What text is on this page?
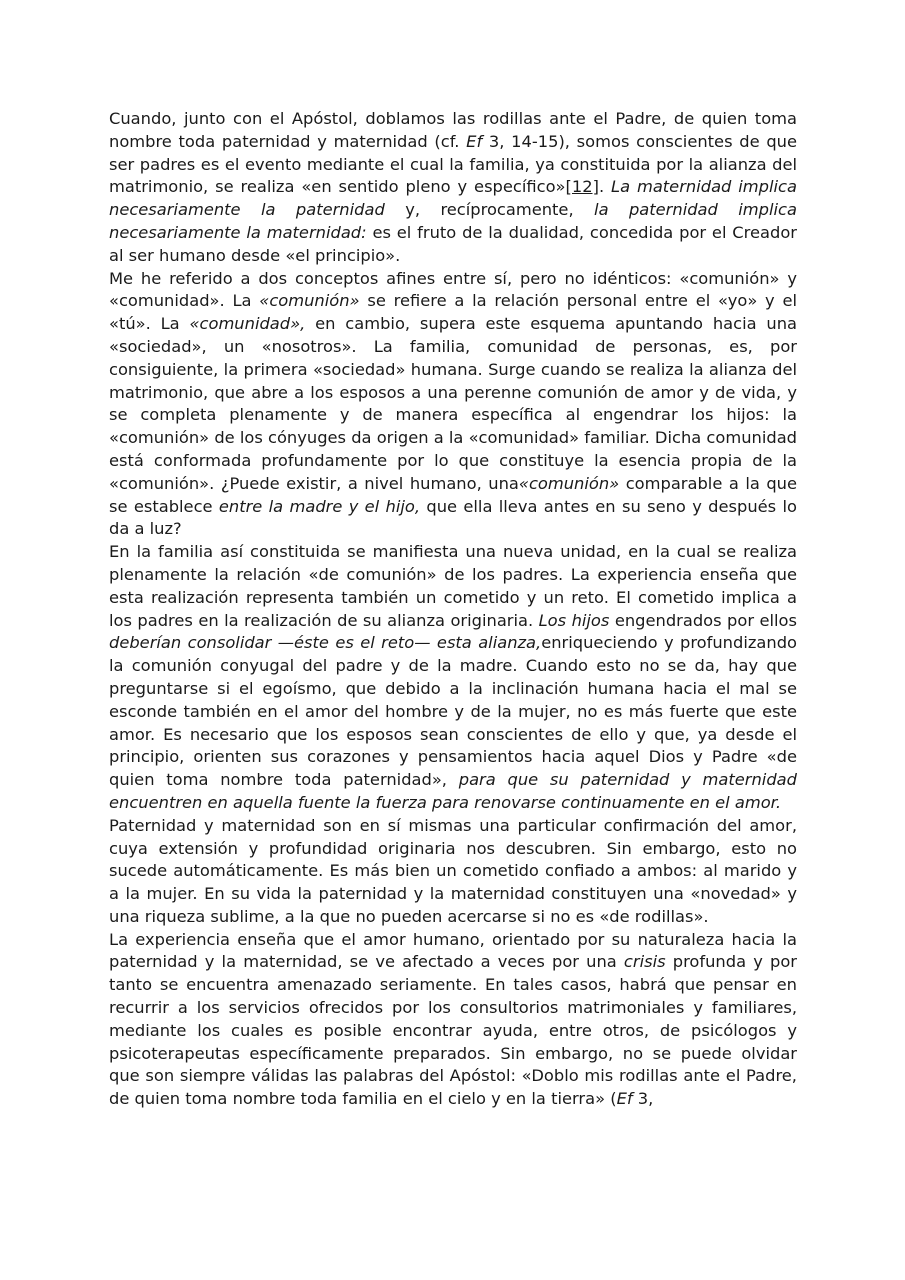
Cuando, junto con el Apóstol, doblamos las rodillas ante el Padre, de quien toma nombre toda paternidad y maternidad (cf. Ef 3, 14-15), somos conscientes de que ser padres es el evento mediante el cual la familia, ya constituida por la alianza del matrimonio, se realiza «en sentido pleno y específico»[12]. La maternidad implica necesariamente la paternidad y, recíprocamente, la paternidad implica necesariamente la maternidad: es el fruto de la dualidad, concedida por el Creador al ser humano desde «el principio».

Me he referido a dos conceptos afines entre sí, pero no idénticos: «comunión» y «comunidad». La «comunión» se refiere a la relación personal entre el «yo» y el «tú». La «comunidad», en cambio, supera este esquema apuntando hacia una «sociedad», un «nosotros». La familia, comunidad de personas, es, por consiguiente, la primera «sociedad» humana. Surge cuando se realiza la alianza del matrimonio, que abre a los esposos a una perenne comunión de amor y de vida, y se completa plenamente y de manera específica al engendrar los hijos: la «comunión» de los cónyuges da origen a la «comunidad» familiar. Dicha comunidad está conformada profundamente por lo que constituye la esencia propia de la «comunión». ¿Puede existir, a nivel humano, una«comunión» comparable a la que se establece entre la madre y el hijo, que ella lleva antes en su seno y después lo da a luz?

En la familia así constituida se manifiesta una nueva unidad, en la cual se realiza plenamente la relación «de comunión» de los padres. La experiencia enseña que esta realización representa también un cometido y un reto. El cometido implica a los padres en la realización de su alianza originaria. Los hijos engendrados por ellos deberían consolidar —éste es el reto— esta alianza,enriqueciendo y profundizando la comunión conyugal del padre y de la madre. Cuando esto no se da, hay que preguntarse si el egoísmo, que debido a la inclinación humana hacia el mal se esconde también en el amor del hombre y de la mujer, no es más fuerte que este amor. Es necesario que los esposos sean conscientes de ello y que, ya desde el principio, orienten sus corazones y pensamientos hacia aquel Dios y Padre «de quien toma nombre toda paternidad», para que su paternidad y maternidad encuentren en aquella fuente la fuerza para renovarse continuamente en el amor.

Paternidad y maternidad son en sí mismas una particular confirmación del amor, cuya extensión y profundidad originaria nos descubren. Sin embargo, esto no sucede automáticamente. Es más bien un cometido confiado a ambos: al marido y a la mujer. En su vida la paternidad y la maternidad constituyen una «novedad» y una riqueza sublime, a la que no pueden acercarse si no es «de rodillas».

La experiencia enseña que el amor humano, orientado por su naturaleza hacia la paternidad y la maternidad, se ve afectado a veces por una crisis profunda y por tanto se encuentra amenazado seriamente. En tales casos, habrá que pensar en recurrir a los servicios ofrecidos por los consultorios matrimoniales y familiares, mediante los cuales es posible encontrar ayuda, entre otros, de psicólogos y psicoterapeutas específicamente preparados. Sin embargo, no se puede olvidar que son siempre válidas las palabras del Apóstol: «Doblo mis rodillas ante el Padre, de quien toma nombre toda familia en el cielo y en la tierra» (Ef 3,
